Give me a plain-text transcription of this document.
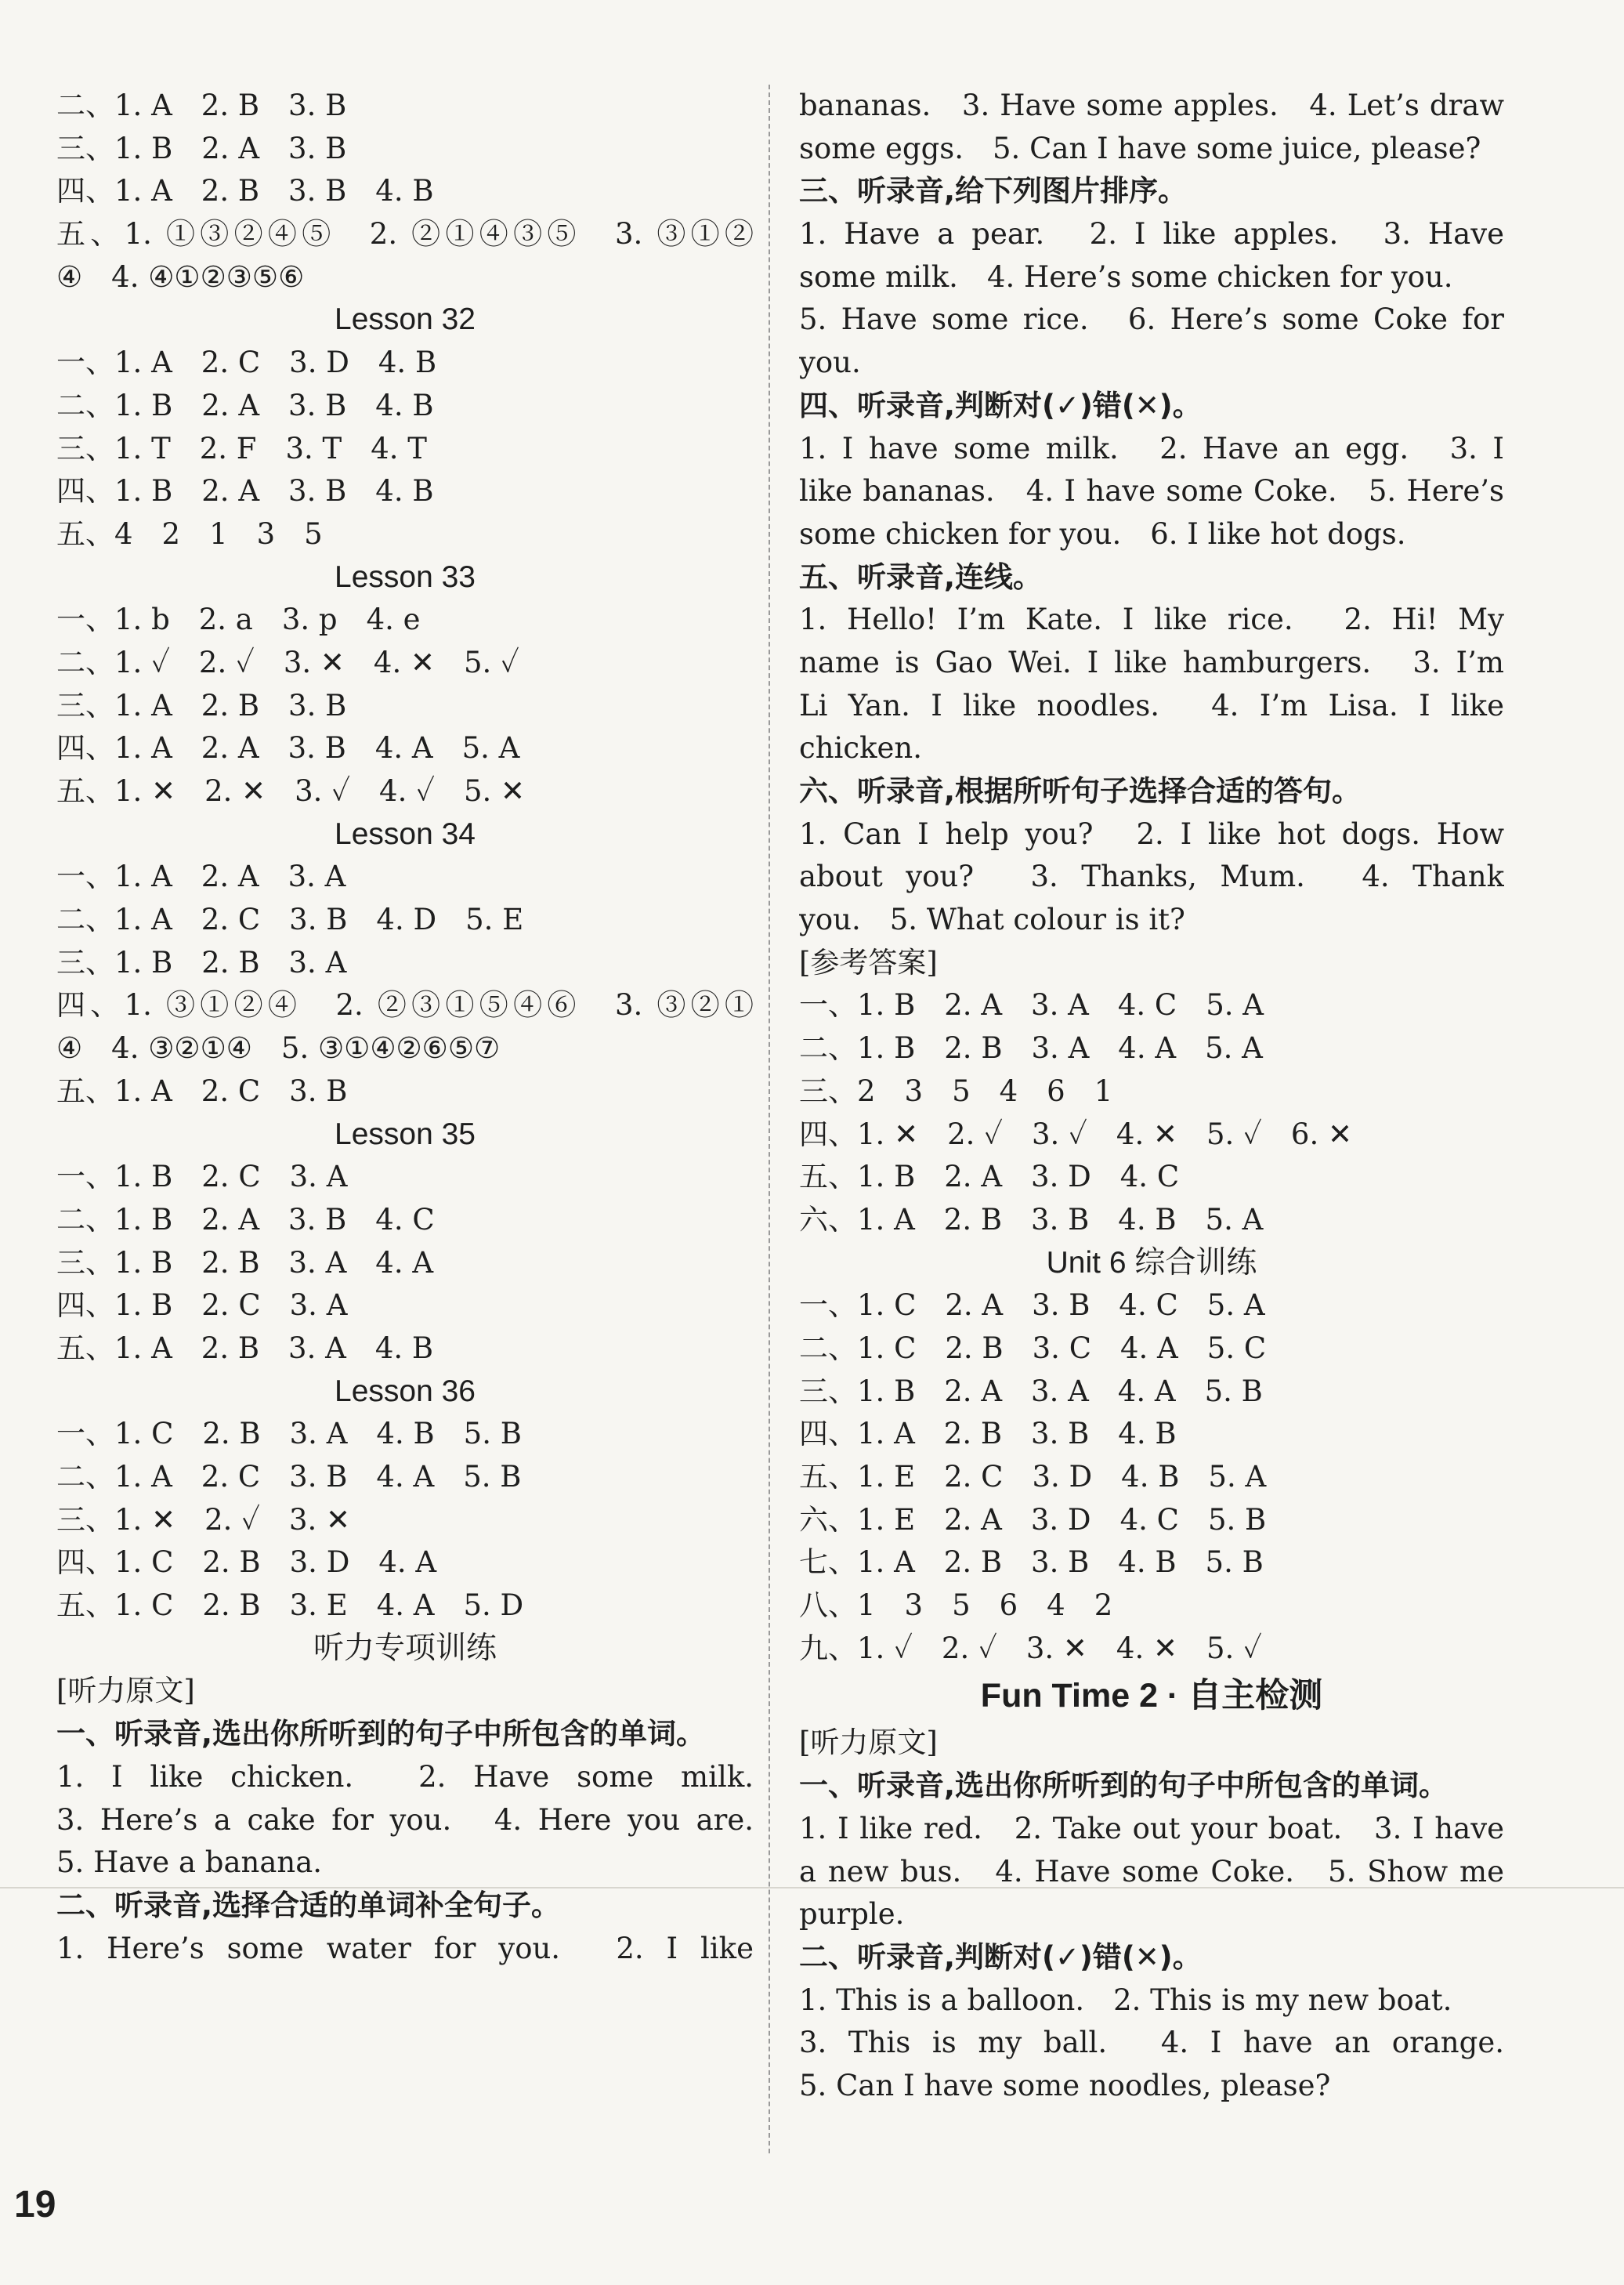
二、1. A　2. B　3. B
三、1. B　2. A　3. B
四、1. A　2. B　3. B　4. B
五、1. ①③②④⑤　2. ②①④③⑤　3. ③①②
④　4. ④①②③⑤⑥
Lesson 32
一、1. A　2. C　3. D　4. B
二、1. B　2. A　3. B　4. B
三、1. T　2. F　3. T　4. T
四、1. B　2. A　3. B　4. B
五、4　2　1　3　5
Lesson 33
一、1. b　2. a　3. p　4. e
二、1. ✓　2. ✓　3. ✕　4. ✕　5. ✓
三、1. A　2. B　3. B
四、1. A　2. A　3. B　4. A　5. A
五、1. ✕　2. ✕　3. ✓　4. ✓　5. ✕
Lesson 34
一、1. A　2. A　3. A
二、1. A　2. C　3. B　4. D　5. E
三、1. B　2. B　3. A
四、1. ③①②④　2. ②③①⑤④⑥　3. ③②①
④　4. ③②①④　5. ③①④②⑥⑤⑦
五、1. A　2. C　3. B
Lesson 35
一、1. B　2. C　3. A
二、1. B　2. A　3. B　4. C
三、1. B　2. B　3. A　4. A
四、1. B　2. C　3. A
五、1. A　2. B　3. A　4. B
Lesson 36
一、1. C　2. B　3. A　4. B　5. B
二、1. A　2. C　3. B　4. A　5. B
三、1. ✕　2. ✓　3. ✕
四、1. C　2. B　3. D　4. A
五、1. C　2. B　3. E　4. A　5. D
听力专项训练
[听力原文]
一、听录音,选出你所听到的句子中所包含的单词。
1. I like chicken.　2. Have some milk.
3. Here’s a cake for you.　4. Here you are.
5. Have a banana.
二、听录音,选择合适的单词补全句子。
1. Here’s some water for you.　2. I like
bananas.　3. Have some apples.　4. Let’s draw
some eggs.　5. Can I have some juice, please?
三、听录音,给下列图片排序。
1. Have a pear.　2. I like apples.　3. Have
some milk.　4. Here’s some chicken for you.
5. Have some rice.　6. Here’s some Coke for
you.
四、听录音,判断对(✓)错(✕)。
1. I have some milk.　2. Have an egg.　3. I
like bananas.　4. I have some Coke.　5. Here’s
some chicken for you.　6. I like hot dogs.
五、听录音,连线。
1. Hello! I’m Kate. I like rice.　2. Hi! My
name is Gao Wei. I like hamburgers.　3. I’m
Li Yan. I like noodles.　4. I’m Lisa. I like
chicken.
六、听录音,根据所听句子选择合适的答句。
1. Can I help you?　2. I like hot dogs. How
about you?　3. Thanks, Mum.　4. Thank
you.　5. What colour is it?
[参考答案]
一、1. B　2. A　3. A　4. C　5. A
二、1. B　2. B　3. A　4. A　5. A
三、2　3　5　4　6　1
四、1. ✕　2. ✓　3. ✓　4. ✕　5. ✓　6. ✕
五、1. B　2. A　3. D　4. C
六、1. A　2. B　3. B　4. B　5. A
Unit 6 综合训练
一、1. C　2. A　3. B　4. C　5. A
二、1. C　2. B　3. C　4. A　5. C
三、1. B　2. A　3. A　4. A　5. B
四、1. A　2. B　3. B　4. B
五、1. E　2. C　3. D　4. B　5. A
六、1. E　2. A　3. D　4. C　5. B
七、1. A　2. B　3. B　4. B　5. B
八、1　3　5　6　4　2
九、1. ✓　2. ✓　3. ✕　4. ✕　5. ✓
Fun Time 2 · 自主检测
[听力原文]
一、听录音,选出你所听到的句子中所包含的单词。
1. I like red.　2. Take out your boat.　3. I have
a new bus.　4. Have some Coke.　5. Show me
purple.
二、听录音,判断对(✓)错(✕)。
1. This is a balloon.　2. This is my new boat.
3. This is my ball.　4. I have an orange.
5. Can I have some noodles, please?
19
